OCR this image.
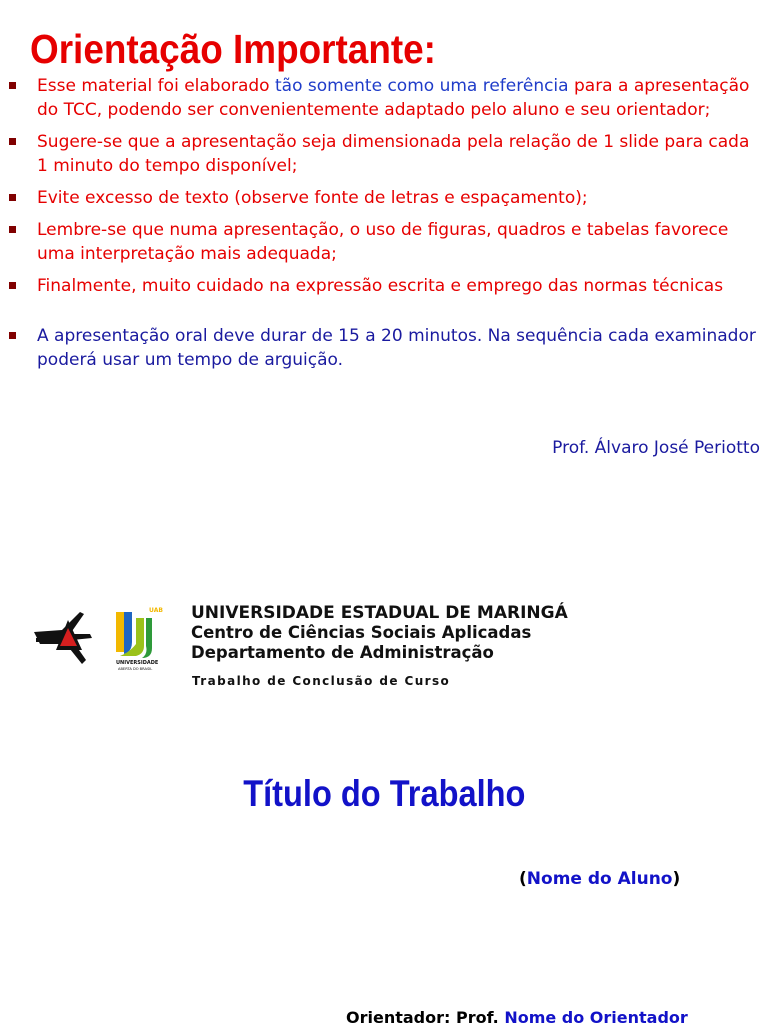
Orientação Importante:
Esse material foi elaborado tão somente como uma referência para a apresentação do TCC, podendo ser convenientemente adaptado pelo aluno e seu orientador;
Sugere-se que a apresentação seja dimensionada pela relação de 1 slide para cada 1 minuto do tempo disponível;
Evite excesso de texto (observe fonte de letras e espaçamento);
Lembre-se que numa apresentação, o uso de figuras, quadros e tabelas favorece uma interpretação mais adequada;
Finalmente, muito cuidado na expressão escrita e emprego das normas técnicas
A apresentação oral deve durar de 15 a 20 minutos. Na sequência cada examinador poderá usar um tempo de arguição.
Prof. Álvaro José Periotto
UAB
UNIVERSIDADE
ABERTA DO BRASIL
UNIVERSIDADE ESTADUAL DE MARINGÁ
Centro de Ciências Sociais Aplicadas
Departamento de Administração
Trabalho de Conclusão de Curso
Título do Trabalho
(Nome do Aluno)
Orientador: Prof. Nome do Orientador
